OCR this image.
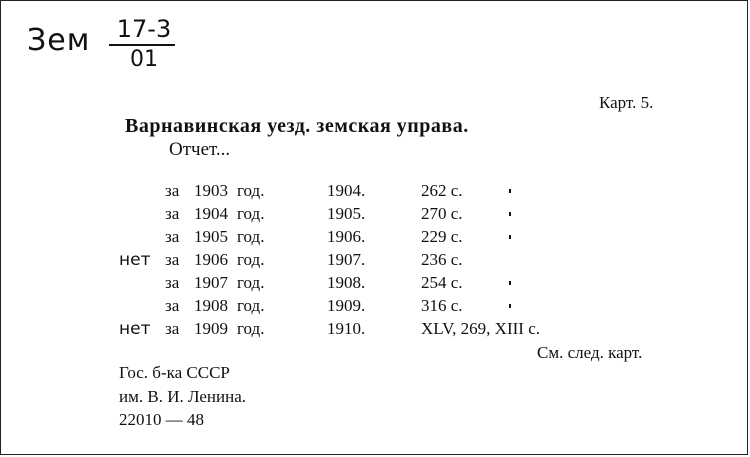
Зем 17-3
01
Карт. 5.
Варнавинская уезд. земская управа.
Отчет...
за 1903 год.	1904.	262 с.
за 1904 год.	1905.	270 с.
за 1905 год.	1906.	229 с.
нет за 1906 год.	1907.	236 с.
за 1907 год.	1908.	254 с.
за 1908 год.	1909.	316 с.
нет за 1909 год.	1910.	XLV, 269, XIII с.
См. след. карт.
Гос. б-ка СССР
им. В. И. Ленина.
22010 — 48
